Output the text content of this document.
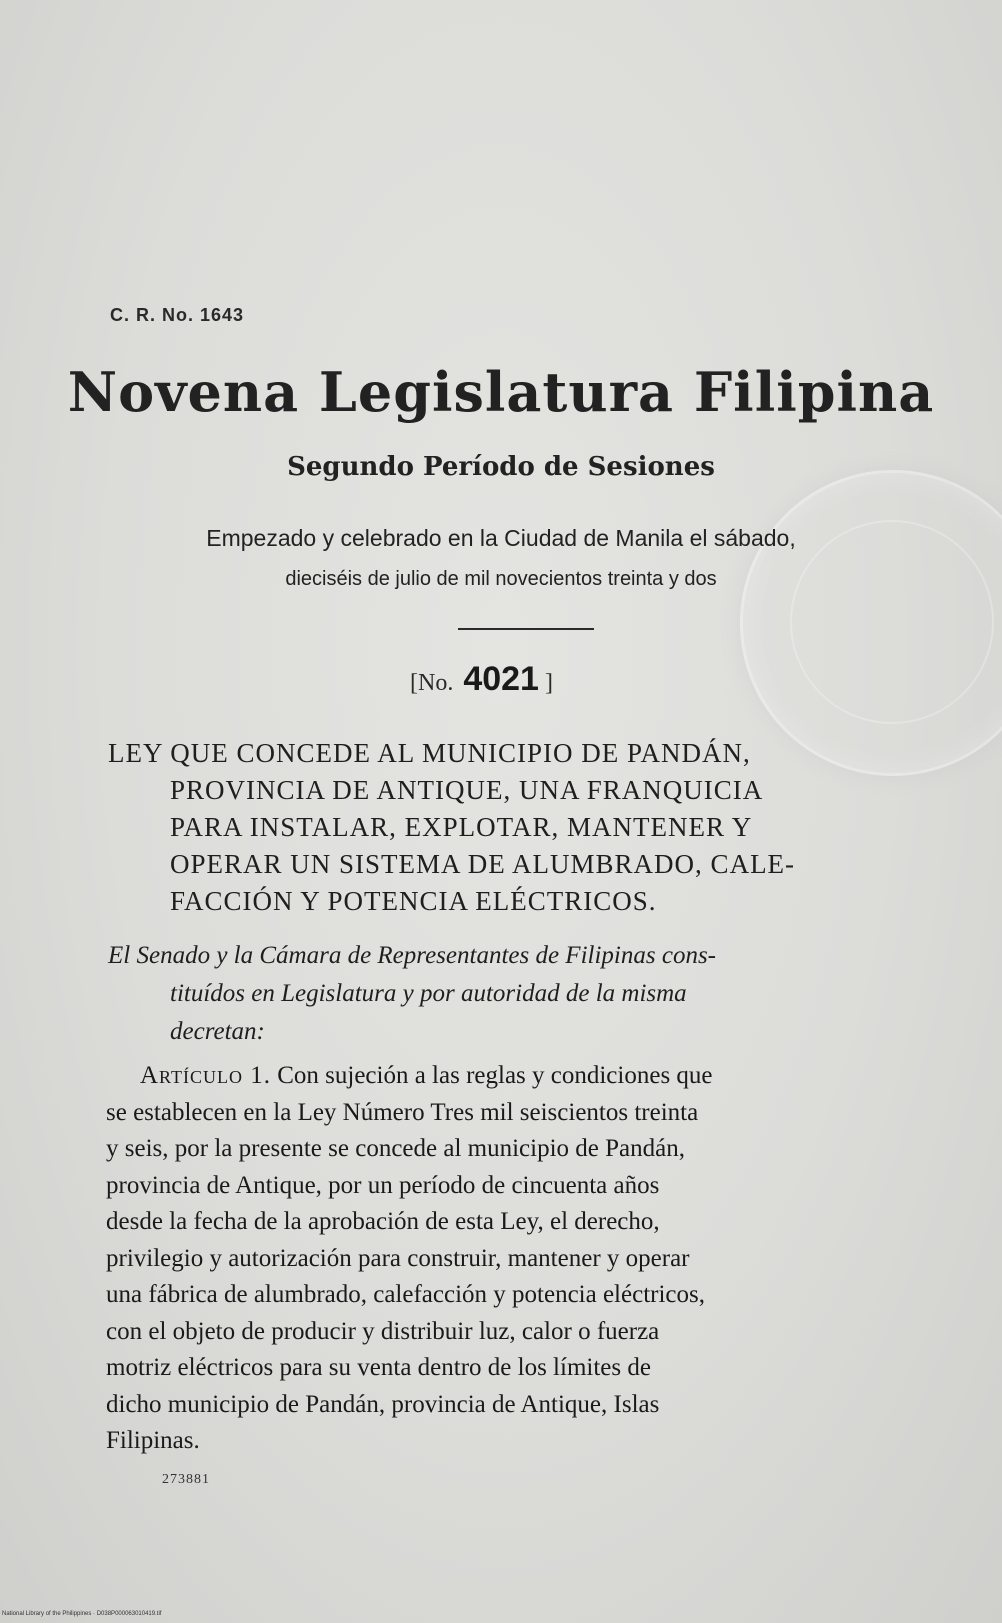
C. R. No. 1643
Novena Legislatura Filipina
Segundo Período de Sesiones
Empezado y celebrado en la Ciudad de Manila el sábado,
dieciséis de julio de mil novecientos treinta y dos
[No. 4021 ]
LEY QUE CONCEDE AL MUNICIPIO DE PANDÁN,
PROVINCIA DE ANTIQUE, UNA FRANQUICIA
PARA INSTALAR, EXPLOTAR, MANTENER Y
OPERAR UN SISTEMA DE ALUMBRADO, CALE-
FACCIÓN Y POTENCIA ELÉCTRICOS.
El Senado y la Cámara de Representantes de Filipinas cons-
tituídos en Legislatura y por autoridad de la misma
decretan:
Artículo 1. Con sujeción a las reglas y condiciones que
se establecen en la Ley Número Tres mil seiscientos treinta
y seis, por la presente se concede al municipio de Pandán,
provincia de Antique, por un período de cincuenta años
desde la fecha de la aprobación de esta Ley, el derecho,
privilegio y autorización para construir, mantener y operar
una fábrica de alumbrado, calefacción y potencia eléctricos,
con el objeto de producir y distribuir luz, calor o fuerza
motriz eléctricos para su venta dentro de los límites de
dicho municipio de Pandán, provincia de Antique, Islas
Filipinas.
273881
National Library of the Philippines · D038P000063010419.tif
